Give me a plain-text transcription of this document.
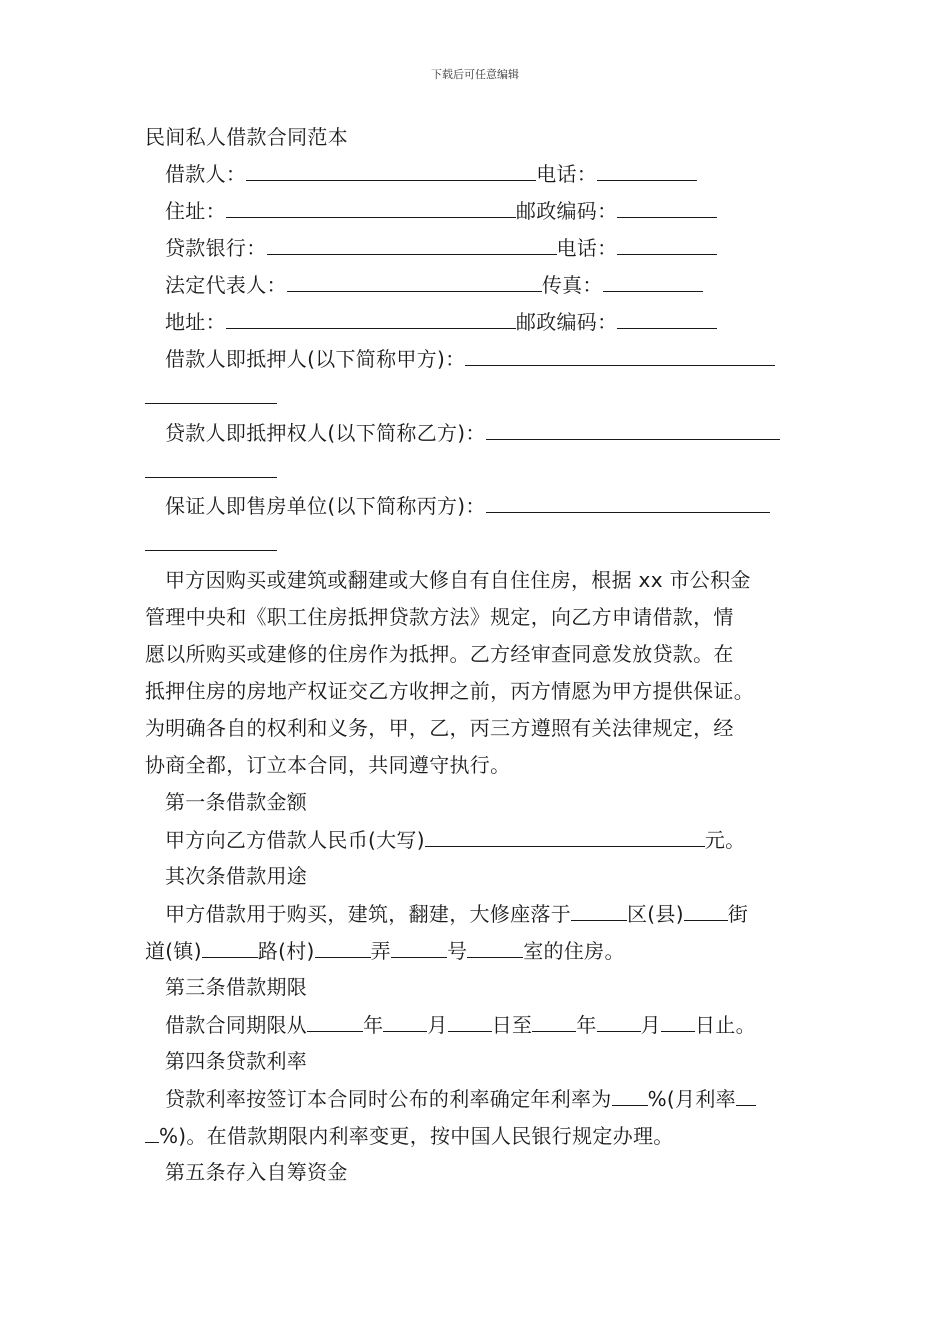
下载后可任意编辑
民间私人借款合同范本
借款人：	电话：
住址：	邮政编码：
贷款银行：	电话：
法定代表人：	传真：
地址：	邮政编码：
借款人即抵押人(以下简称甲方)：
贷款人即抵押权人(以下简称乙方)：
保证人即售房单位(以下简称丙方)：
甲方因购买或建筑或翻建或大修自有自住住房，根据 xx 市公积金
管理中央和《职工住房抵押贷款方法》规定，向乙方申请借款，情
愿以所购买或建修的住房作为抵押。乙方经审查同意发放贷款。在
抵押住房的房地产权证交乙方收押之前，丙方情愿为甲方提供保证。
为明确各自的权利和义务，甲，乙，丙三方遵照有关法律规定，经
协商全都，订立本合同，共同遵守执行。
第一条借款金额
甲方向乙方借款人民币(大写)	元。
其次条借款用途
甲方借款用于购买，建筑，翻建，大修座落于	区(县) 街
道(镇)	路(村)	弄	号	室的住房。
第三条借款期限
借款合同期限从	年 月 日至 年 月 日止。
第四条贷款利率
贷款利率按签订本合同时公布的利率确定年利率为 %(月利率
%)。在借款期限内利率变更，按中国人民银行规定办理。
第五条存入自筹资金
